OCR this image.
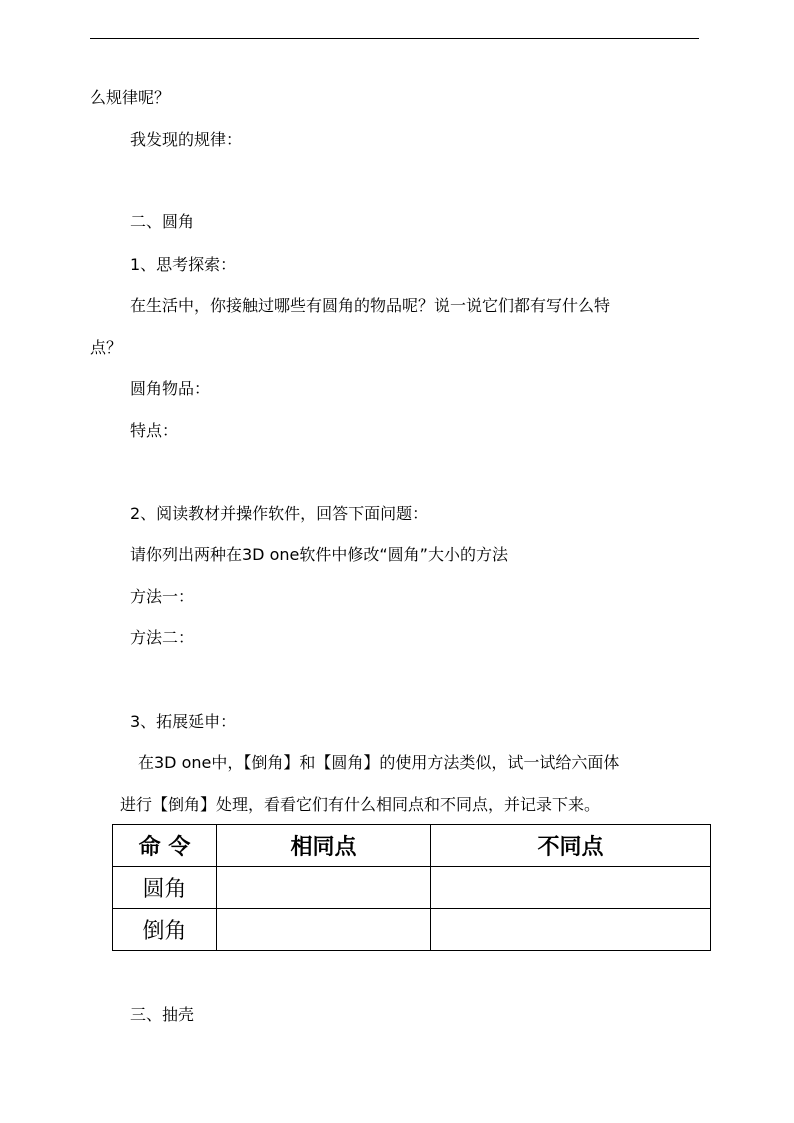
么规律呢？
我发现的规律：
二、圆角
1、思考探索：
在生活中，你接触过哪些有圆角的物品呢？说一说它们都有写什么特
点？
圆角物品：
特点：
2、阅读教材并操作软件，回答下面问题：
请你列出两种在3D one软件中修改“圆角”大小的方法
方法一：
方法二：
3、拓展延申：
在3D one中，【倒角】和【圆角】的使用方法类似，试一试给六面体
进行【倒角】处理，看看它们有什么相同点和不同点，并记录下来。
命 令	相同点	不同点
圆角		
倒角		
三、抽壳
